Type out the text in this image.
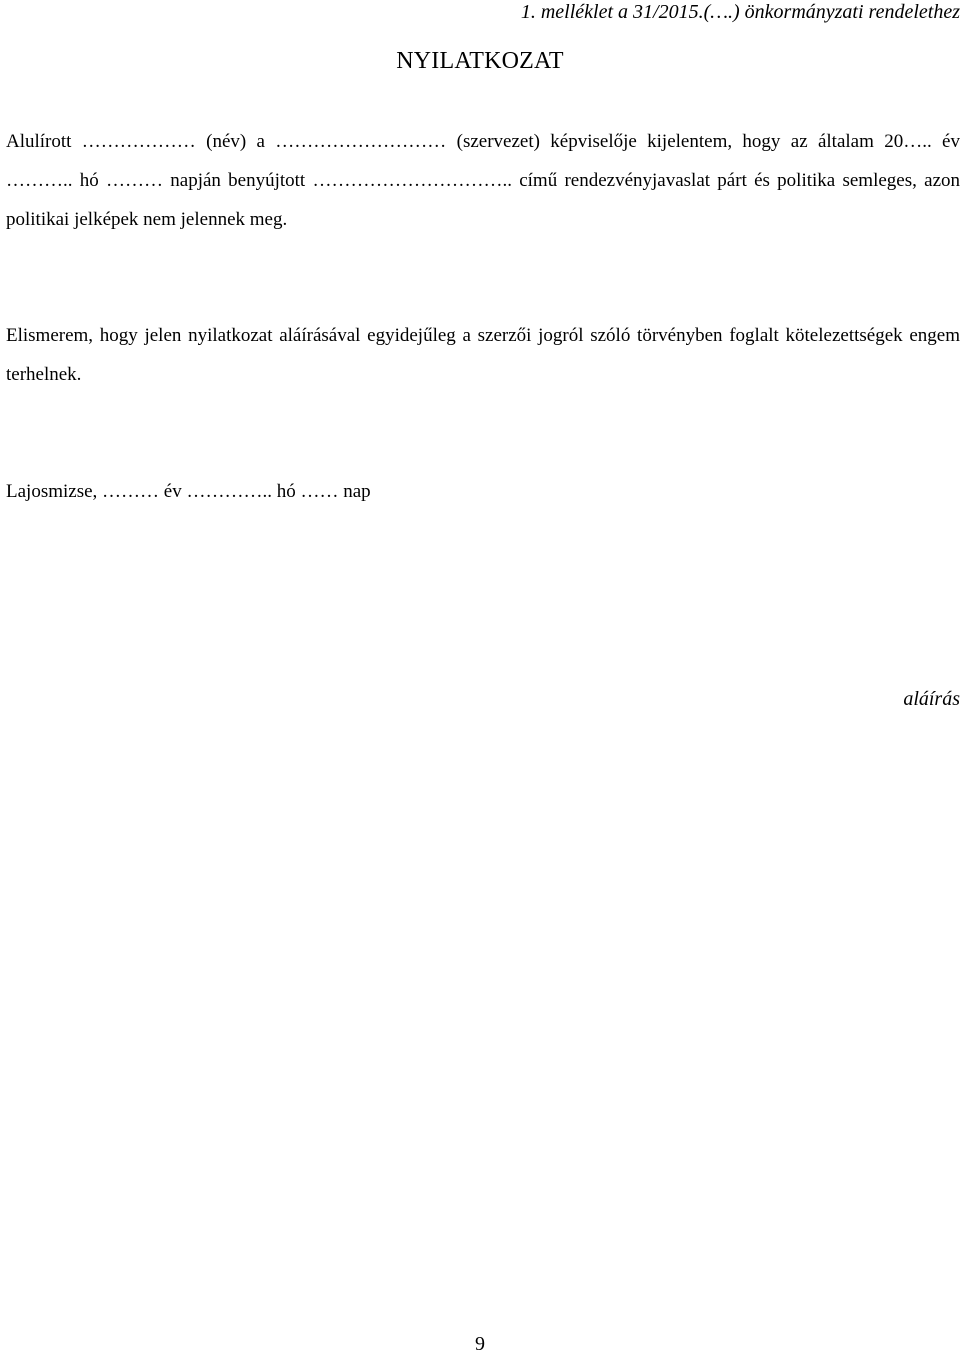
1. melléklet a 31/2015.(….) önkormányzati rendelethez
NYILATKOZAT

Alulírott ……………… (név) a ……………………… (szervezet) képviselője kijelentem, hogy az általam 20….. év ……….. hó ……… napján benyújtott ………………………….. című rendezvényjavaslat párt és politika semleges, azon politikai jelképek nem jelennek meg.

Elismerem, hogy jelen nyilatkozat aláírásával egyidejűleg a szerzői jogról szóló törvényben foglalt kötelezettségek engem terhelnek.

Lajosmizse, ……… év ………….. hó …… nap
aláírás
9
